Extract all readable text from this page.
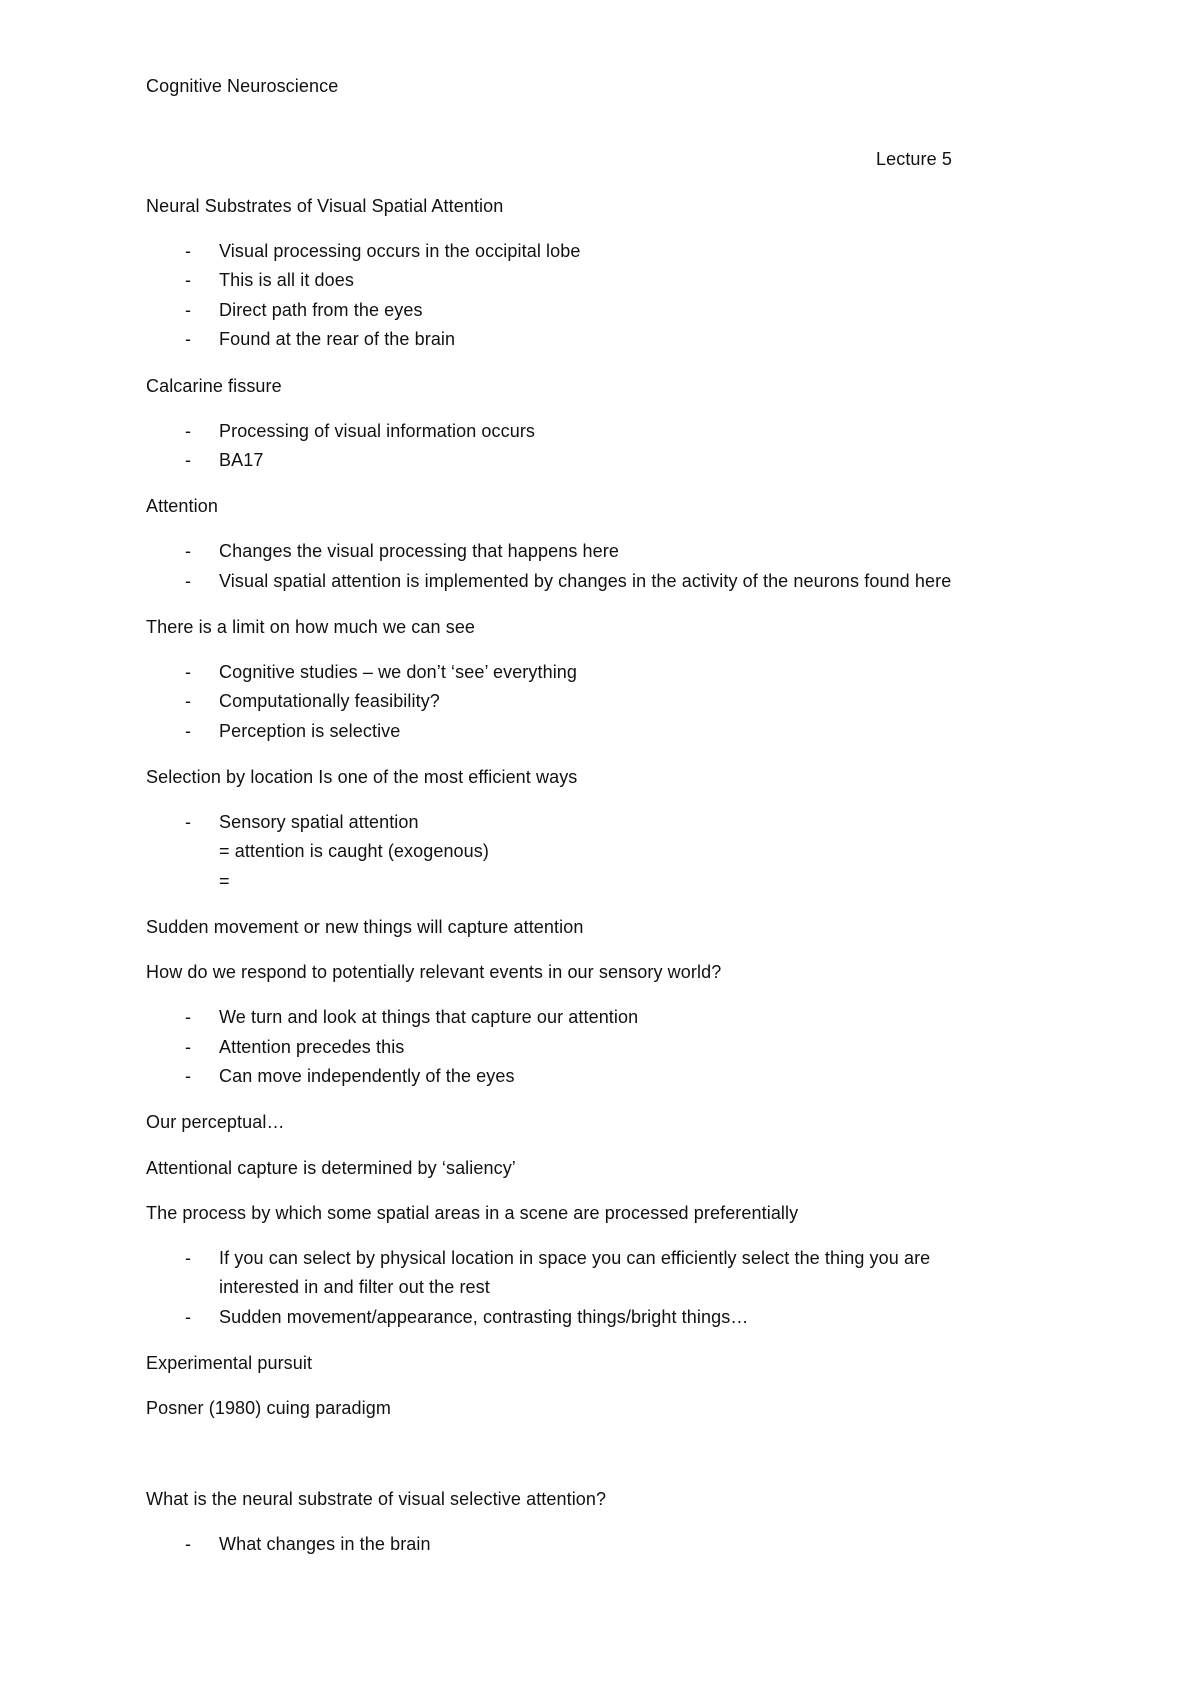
Cognitive Neuroscience
Lecture 5
Neural Substrates of Visual Spatial Attention
- Visual processing occurs in the occipital lobe
- This is all it does
- Direct path from the eyes
- Found at the rear of the brain
Calcarine fissure
- Processing of visual information occurs
- BA17
Attention
- Changes the visual processing that happens here
- Visual spatial attention is implemented by changes in the activity of the neurons found here
There is a limit on how much we can see
- Cognitive studies – we don’t ‘see’ everything
- Computationally feasibility?
- Perception is selective
Selection by location Is one of the most efficient ways
- Sensory spatial attention
= attention is caught (exogenous)
=
Sudden movement or new things will capture attention
How do we respond to potentially relevant events in our sensory world?
- We turn and look at things that capture our attention
- Attention precedes this
- Can move independently of the eyes
Our perceptual…
Attentional capture is determined by ‘saliency’
The process by which some spatial areas in a scene are processed preferentially
- If you can select by physical location in space you can efficiently select the thing you are
interested in and filter out the rest
- Sudden movement/appearance, contrasting things/bright things…
Experimental pursuit
Posner (1980) cuing paradigm
What is the neural substrate of visual selective attention?
- What changes in the brain
